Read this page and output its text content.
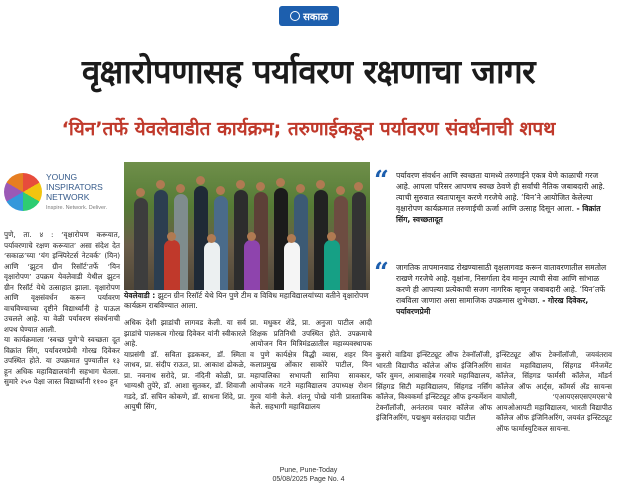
सकाळ
वृक्षारोपणासह पर्यावरण रक्षणाचा जागर
‘यिन’तर्फे येवलेवाडीत कार्यक्रम; तरुणाईकडून पर्यावरण संवर्धनाची शपथ
YOUNG
INSPIRATORS
NETWORK
Inspire. Network. Deliver.
येवलेवाडी : झुटन ग्रीन रिसॉर्ट येथे यिन पुणे टीम व विविध महाविद्यालयांच्या वतीने वृक्षारोपण कार्यक्रम राबविण्यात आला.

पुणे, ता. ४ : ‘वृक्षारोपण करूयात, पर्यावरणाचे रक्षण करूयात’ असा संदेश देत ‘सकाळ’च्या ‘यंग इन्स्पिरेटर्स नेटवर्क’ (यिन) आणि ‘झुटन ग्रीन रिसॉर्ट’तर्फे ‘यिन वृक्षारोपण’ उपक्रम येवलेवाडी येथील झुटन ग्रीन रिसॉर्ट येथे उत्साहात झाला. वृक्षारोपण आणि वृक्षसंवर्धन करून पर्यावरण वाचविण्याच्या दृष्टीने विद्यार्थ्यांनी हे पाऊल उचलले आहे. या वेळी पर्यावरण संवर्धनाची शपथ घेण्यात आली.

या कार्यक्रमाला ‘स्वच्छ पुणे’चे स्वच्छता दूत विक्रांत सिंग, पर्यावरणप्रेमी गोरख दिवेकर उपस्थित होते. या उपक्रमात पुण्यातील १३ हून अधिक महाविद्यालयांनी सहभाग घेतला. सुमारे २५० पेक्षा जास्त विद्यार्थ्यांनी ११०० हून

अधिक देशी झाडांची लागवड केली. या सर्व झाडांचे पालकत्व गोरख दिवेकर यांनी स्वीकारले आहे.

याप्रसंगी डॉ. सविता इडककर, डॉ. स्मिता जाधव, प्रा. संदीप राऊत, प्रा. आकाश ढोकळे, प्रा. नवनाथ सरोदे, प्रा. नंदिनी कोळी, प्रा. भाग्यश्री तुपेरे, डॉ. आशा सुतकर, डॉ. शिवाजी गडदे, डॉ. सचिन कोकणे, डॉ. साधना शिंदे, प्रा. आयुषी सिंग,

प्रा. मधुकर शेंडे, प्रा. अनुजा पाटील आदी शिक्षक प्रतिनिधी उपस्थित होते. उपक्रमाचे आयोजन यिन मित्रिमंडळातील महाव्यवस्थापक व पुणे कार्यक्षेत्र विद्धी व्यास, शहर यिन कलाप्रमुख ओंकार साकोरे पाटील, यिन महापालिका सभापती सानिया सावकार, आयोजक गटने महाविद्यालय उपाध्यक्ष रोशन गुरव यांनी केले. शंतनू पोखे यांनी प्रास्ताविक केले. सहभागी महाविद्यालय

“ पर्यावरण संवर्धन आणि स्वच्छता यामध्ये तरुणाईने एकत्र येणे काळाची गरज आहे. आपला परिसर आपणच स्वच्छ ठेवणे ही सर्वांची नैतिक जबाबदारी आहे. त्याची सुरुवात स्वतःपासून करणे गरजेचे आहे. ‘यिन’ने आयोजित केलेल्या वृक्षारोपण कार्यक्रमात तरुणाईची ऊर्जा आणि उत्साह दिसून आला. - विक्रांत सिंग, स्वच्छतादूत
“ जागतिक तापमानवाढ रोखण्यासाठी वृक्षलागवड करून वातावरणातील समतोल राखणे गरजेचे आहे. वृक्षांना, निसर्गाला देव मानून त्याची सेवा आणि सांभाळ करणे ही आपल्या प्रत्येकाची सजग नागरिक म्हणून जबाबदारी आहे. ‘यिन’तर्फे राबविला जाणारा असा सामाजिक उपक्रमास शुभेच्छा. - गोरख दिवेकर, पर्यावरणप्रेमी

कुसरो वाडिया इन्स्टिट्यूट ऑफ टेक्नॉलॉजी, भारती विद्यापीठ कॉलेज ऑफ इंजिनिअरिंग फॉर वुमन, आबासाहेब गरवारे महाविद्यालय, सिंहगड सिटी महाविद्यालय, सिंहगड नर्सिंग कॉलेज, विश्वकर्मा इन्स्टिट्यूट ऑफ इन्फर्मेशन टेक्नॉलॉजी, अनंतराव पवार कॉलेज ऑफ इंजिनिअरिंग, पद्मश्रुम वसंतदादा पाटील

इन्स्टिट्यूट ऑफ टेक्नॉलॉजी, जयवंतराव सावंत महाविद्यालय, सिंहगड मॅनेजमेंट कॉलेज, सिंहगड फार्मसी कॉलेज, मॉडर्न कॉलेज ऑफ आर्ट्स, कॉमर्स अँड सायन्स वाघोली, ‘एआयएसएसएमएस’चे आयओआयटी महाविद्यालय, भारती विद्यापीठ कॉलेज ऑफ इंजिनिअरिंग, जयवंत इन्स्टिट्यूट ऑफ फार्मास्युटिकल सायन्स.

Pune, Pune-Today
05/08/2025 Page No. 4
